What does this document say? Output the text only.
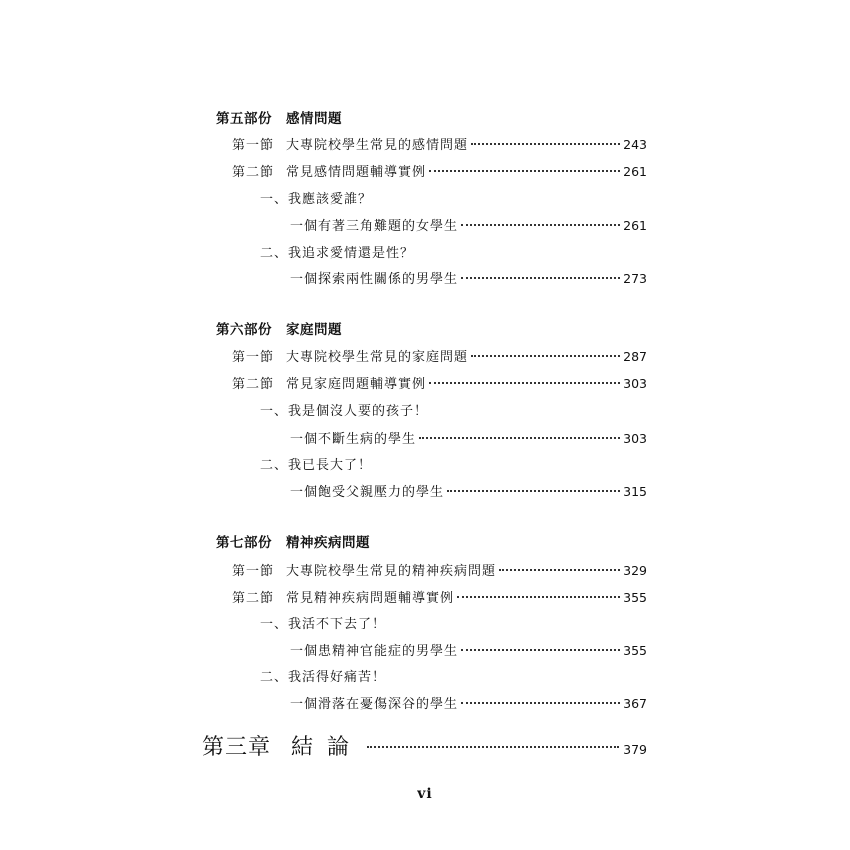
第五部份 感情問題
第一節 大專院校學生常見的感情問題	243
第二節 常見感情問題輔導實例	261
一、我應該愛誰？
一個有著三角難題的女學生	261
二、我追求愛情還是性？
一個探索兩性關係的男學生	273
第六部份 家庭問題
第一節 大專院校學生常見的家庭問題	287
第二節 常見家庭問題輔導實例	303
一、我是個沒人要的孩子！
一個不斷生病的學生	303
二、我已長大了！
一個飽受父親壓力的學生	315
第七部份 精神疾病問題
第一節 大專院校學生常見的精神疾病問題	329
第二節 常見精神疾病問題輔導實例	355
一、我活不下去了！
一個患精神官能症的男學生	355
二、我活得好痛苦！
一個滑落在憂傷深谷的學生	367
第三章 結論	379
vi
